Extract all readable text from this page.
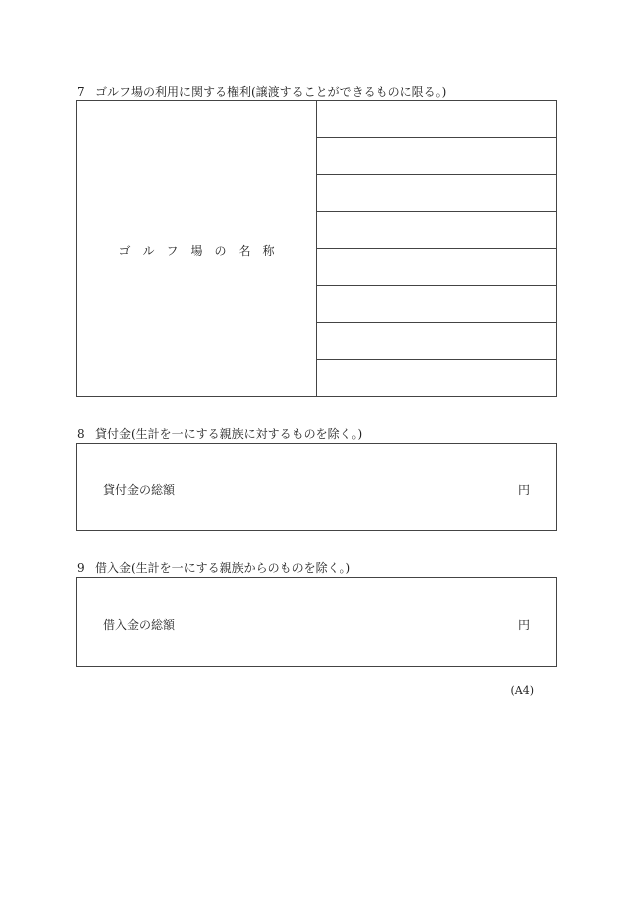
7 ゴルフ場の利用に関する権利(譲渡することができるものに限る。)
ゴルフ場の名称
8 貸付金(生計を一にする親族に対するものを除く。)
貸付金の総額	円
9 借入金(生計を一にする親族からのものを除く。)
借入金の総額	円
(A4)
